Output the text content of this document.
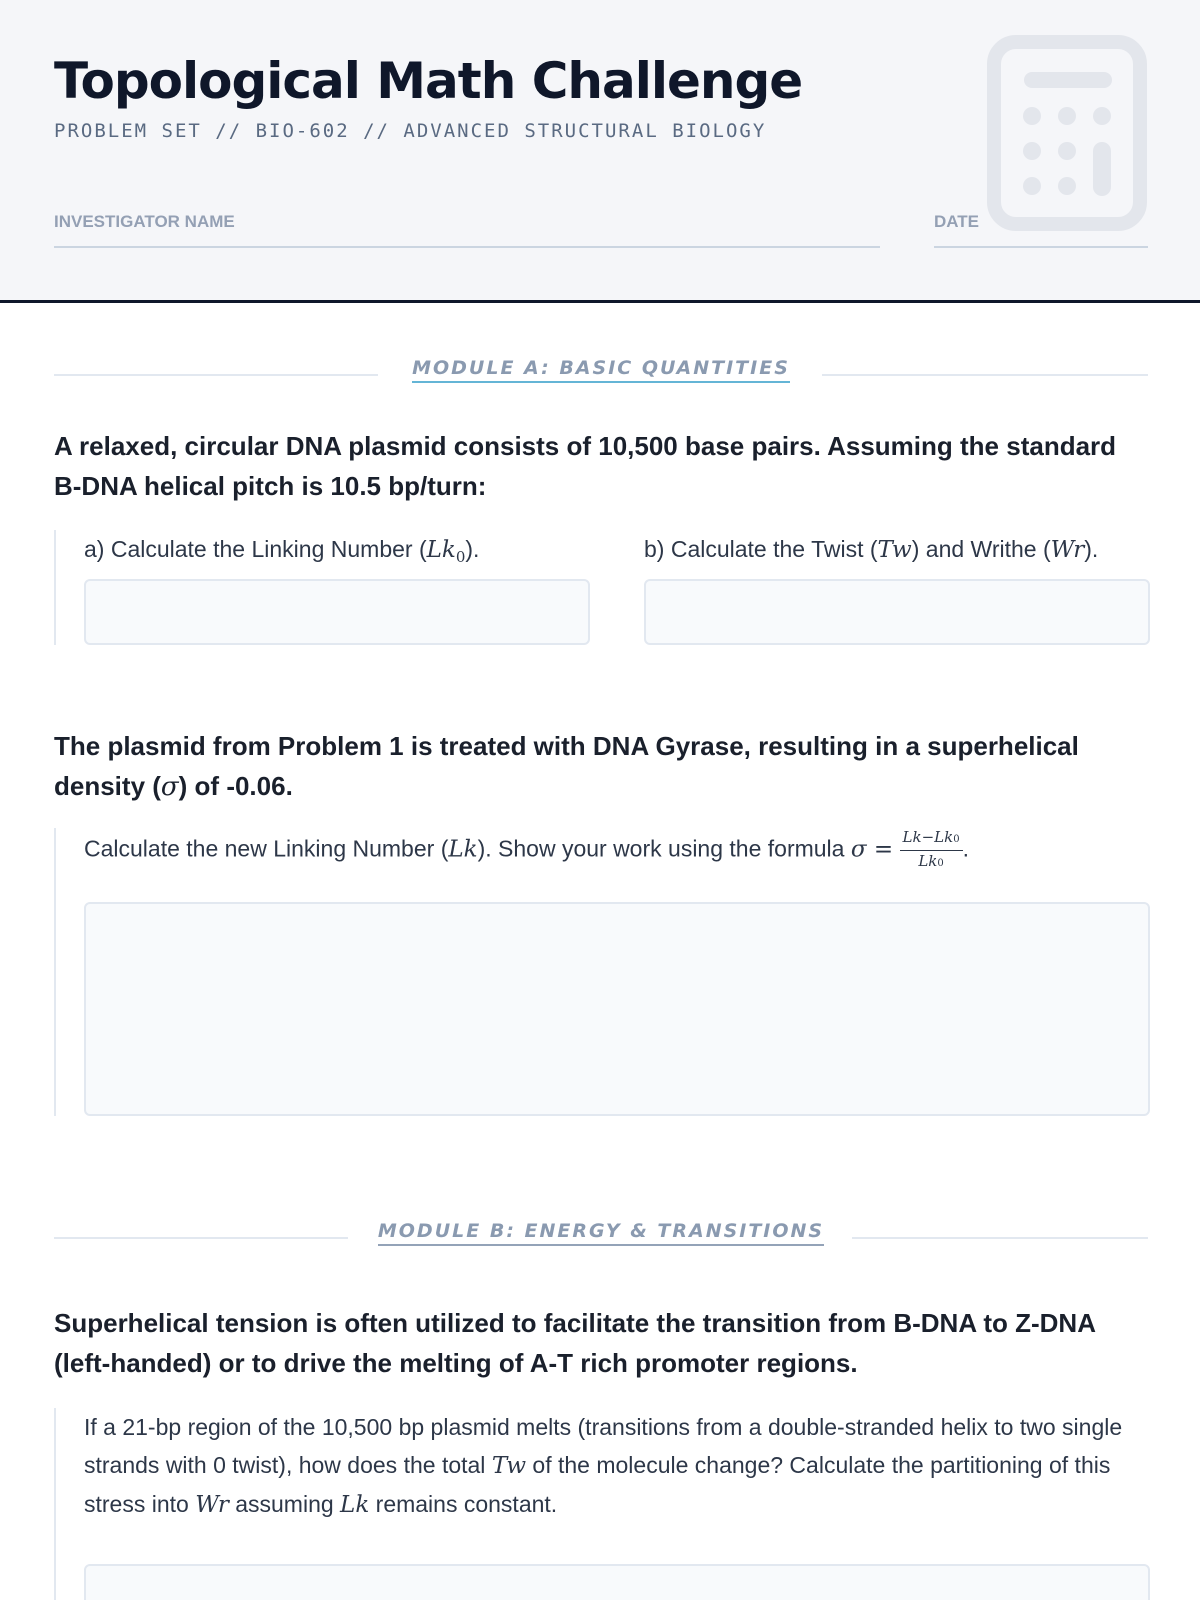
Topological Math Challenge
PROBLEM SET // BIO-602 // ADVANCED STRUCTURAL BIOLOGY
INVESTIGATOR NAME	DATE
MODULE A: BASIC QUANTITIES
A relaxed, circular DNA plasmid consists of 10,500 base pairs. Assuming the standard B-DNA helical pitch is 10.5 bp/turn:
a) Calculate the Linking Number $(Lk_0)$.	b) Calculate the Twist (Tw) and Writhe (Wr).
The plasmid from Problem 1 is treated with DNA Gyrase, resulting in a superhelical density (σ) of -0.06.
Calculate the new Linking Number (Lk). Show your work using the formula $\sigma = \frac{Lk-Lk0}{Lk0}$ .
MODULE B: ENERGY & TRANSITIONS
Superhelical tension is often utilized to facilitate the transition from B-DNA to Z-DNA (left-handed) or to drive the melting of A-T rich promoter regions.
If a 21-bp region of the 10,500 bp plasmid melts (transitions from a double-stranded helix to two single strands with 0 twist), how does the total Tw of the molecule change? Calculate the partitioning of this stress into Wr assuming Lk remains constant.
